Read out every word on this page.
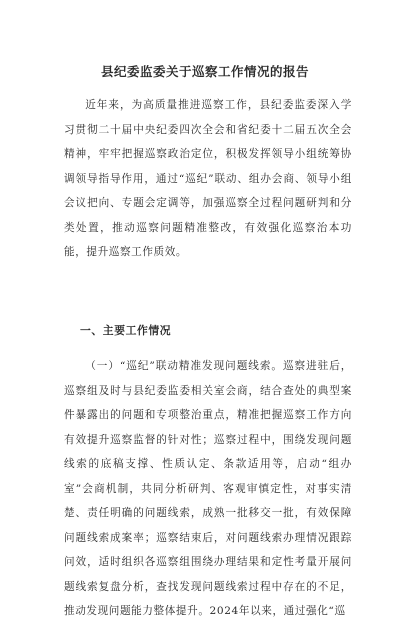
县纪委监委关于巡察工作情况的报告

近年来，为高质量推进巡察工作，县纪委监委深入学习贯彻二十届中央纪委四次全会和省纪委十二届五次全会精神，牢牢把握巡察政治定位，积极发挥领导小组统筹协调领导指导作用，通过“巡纪”联动、组办会商、领导小组会议把向、专题会定调等，加强巡察全过程问题研判和分类处置，推动巡察问题精准整改，有效强化巡察治本功能，提升巡察工作质效。

一、主要工作情况

（一）“巡纪”联动精准发现问题线索。巡察进驻后，巡察组及时与县纪委监委相关室会商，结合查处的典型案件暴露出的问题和专项整治重点，精准把握巡察工作方向有效提升巡察监督的针对性；巡察过程中，围绕发现问题线索的底稿支撑、性质认定、条款适用等，启动“组办室”会商机制，共同分析研判、客观审慎定性，对事实清楚、责任明确的问题线索，成熟一批移交一批，有效保障问题线索成案率；巡察结束后，对问题线索办理情况跟踪问效，适时组织各巡察组围绕办理结果和定性考量开展问题线索复盘分析，查找发现问题线索过程中存在的不足，推动发现问题能力整体提升。2024年以来，通过强化“巡
